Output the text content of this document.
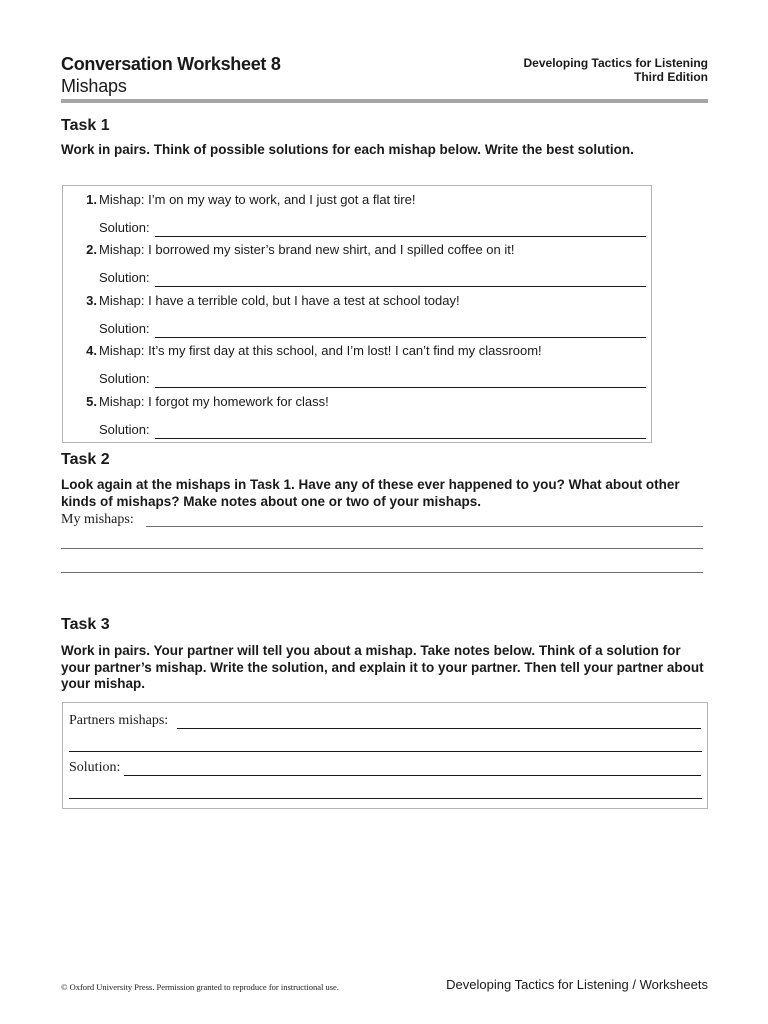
Conversation Worksheet 8
Mishaps
Developing Tactics for Listening
Third Edition
Task 1
Work in pairs. Think of possible solutions for each mishap below. Write the best solution.
1. Mishap: I’m on my way to work, and I just got a flat tire!
Solution:
2. Mishap: I borrowed my sister’s brand new shirt, and I spilled coffee on it!
Solution:
3. Mishap: I have a terrible cold, but I have a test at school today!
Solution:
4. Mishap: It’s my first day at this school, and I’m lost! I can’t find my classroom!
Solution:
5. Mishap: I forgot my homework for class!
Solution:
Task 2
Look again at the mishaps in Task 1. Have any of these ever happened to you? What about other kinds of mishaps? Make notes about one or two of your mishaps.
My mishaps:
Task 3
Work in pairs. Your partner will tell you about a mishap. Take notes below. Think of a solution for your partner’s mishap. Write the solution, and explain it to your partner. Then tell your partner about your mishap.
Partners mishaps:
Solution:
© Oxford University Press. Permission granted to reproduce for instructional use.	Developing Tactics for Listening / Worksheets
